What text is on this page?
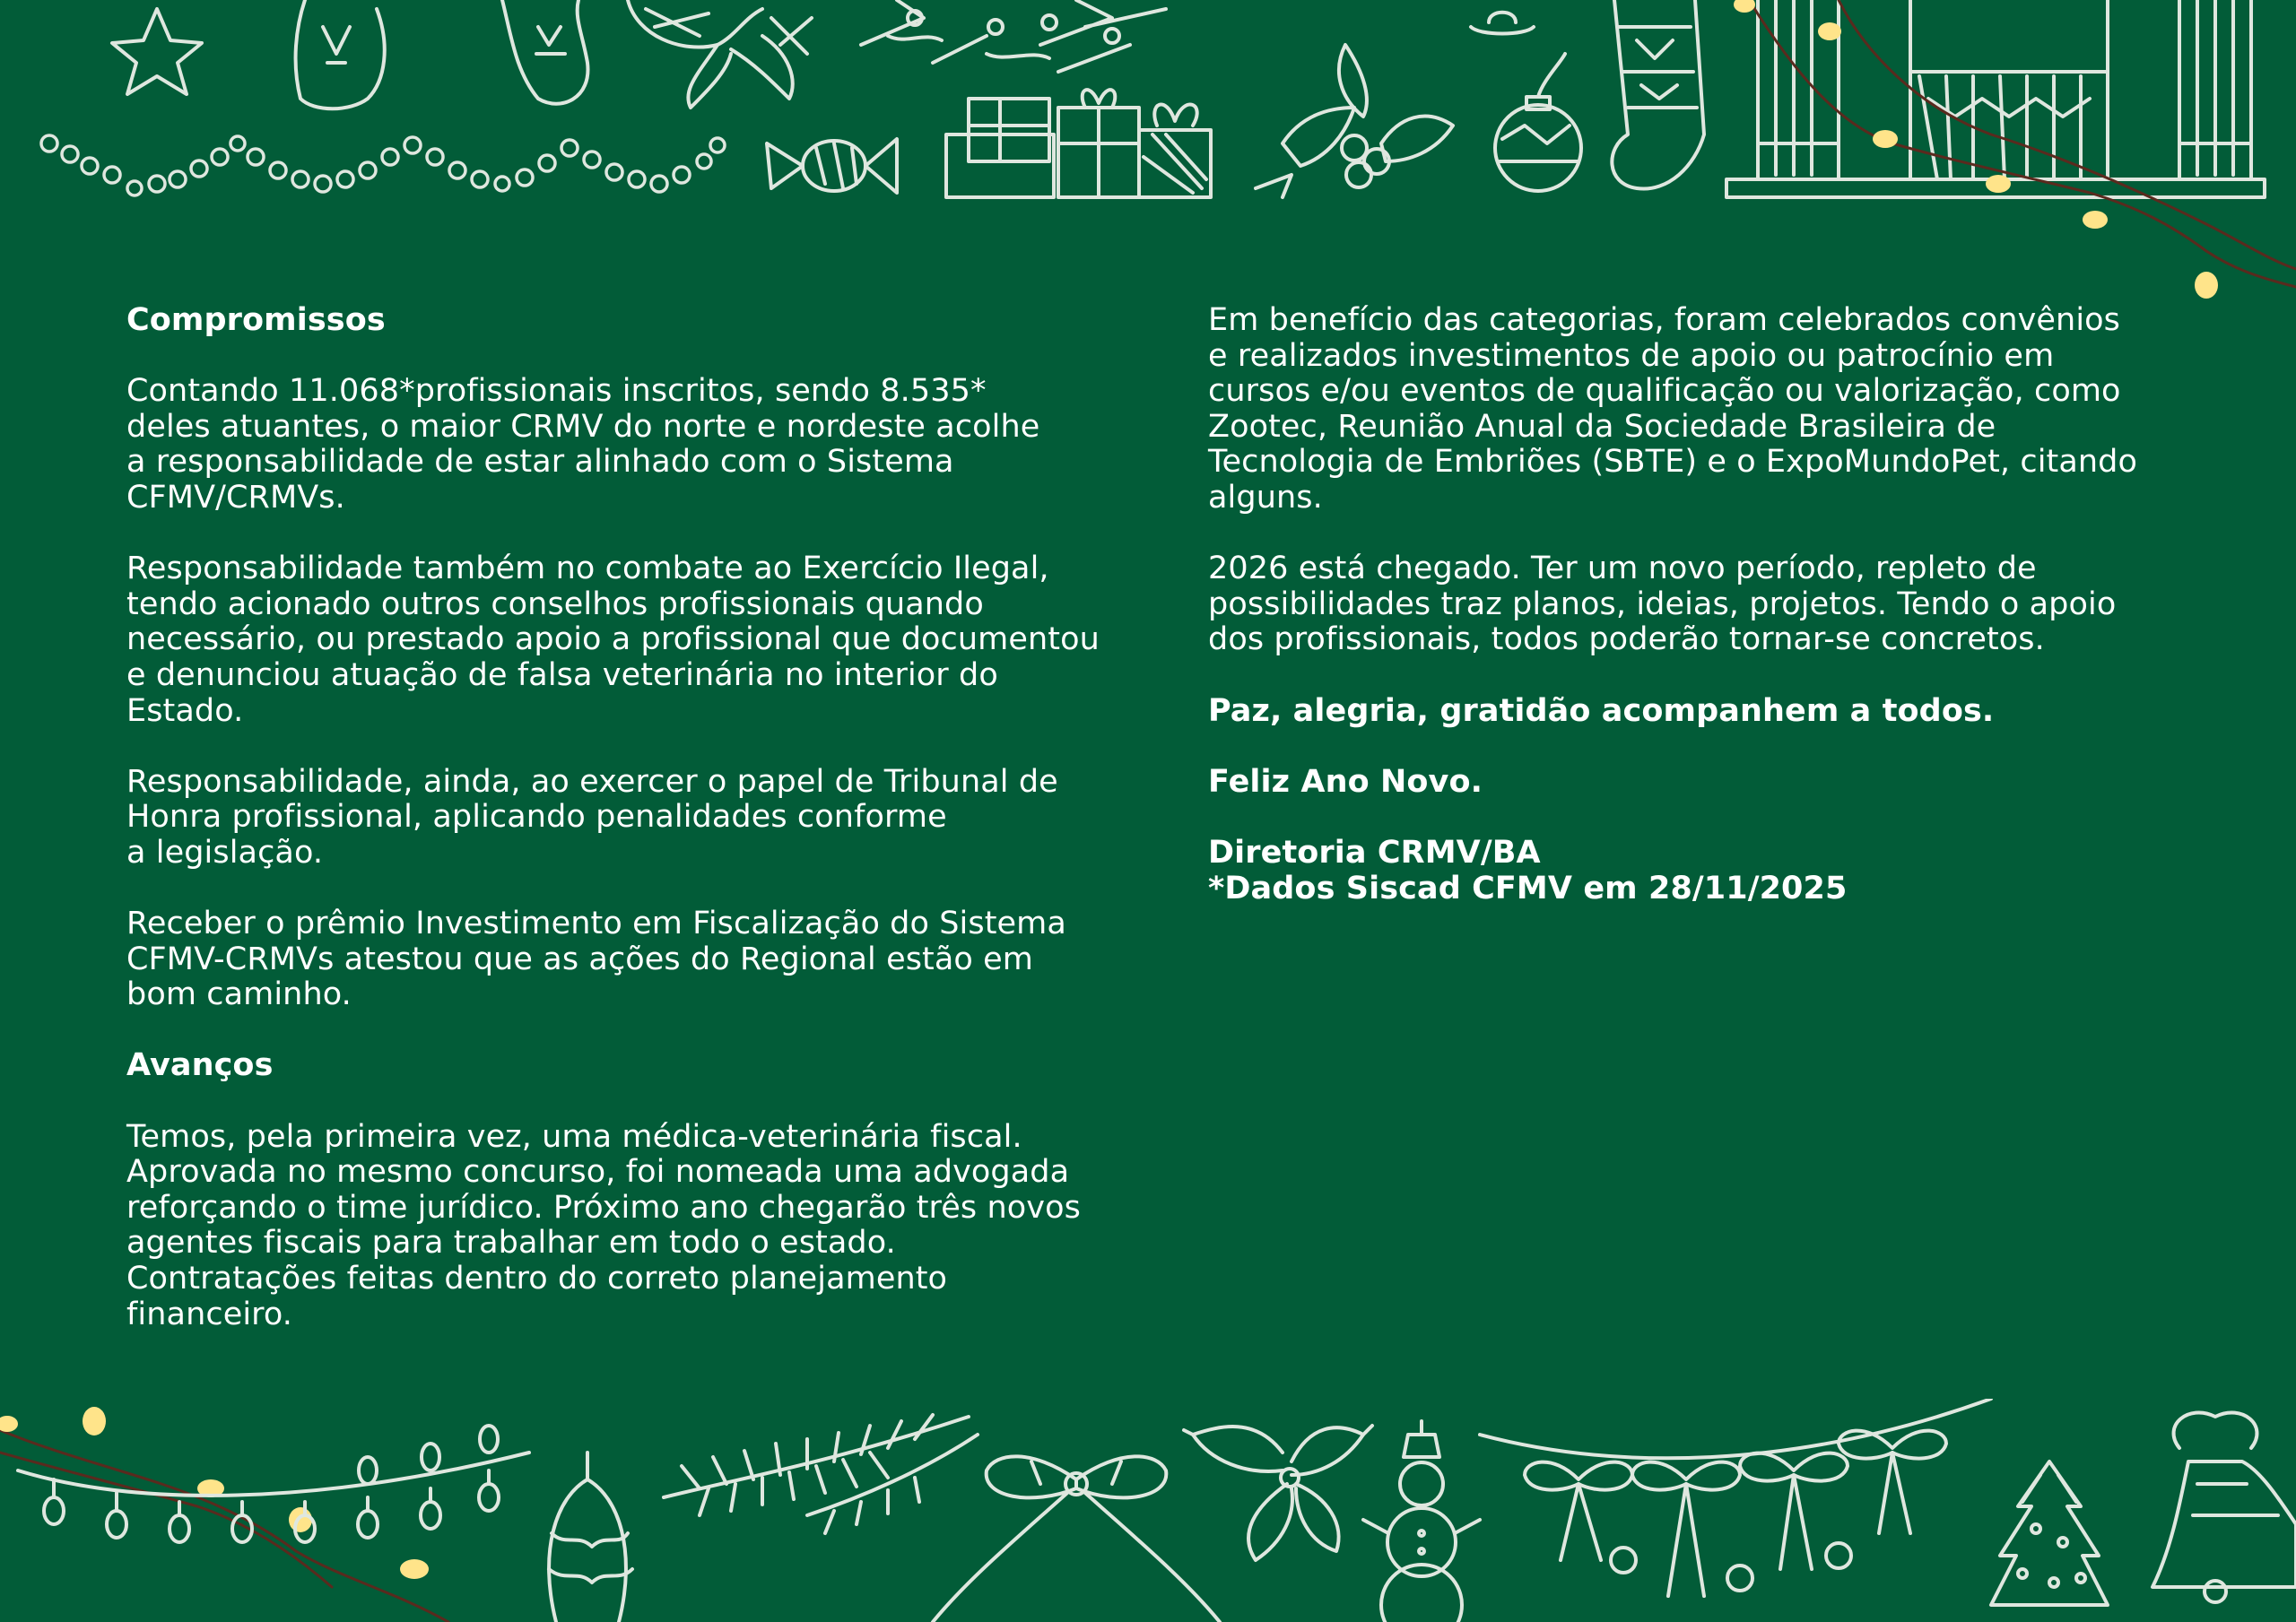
Compromissos

Contando 11.068*profissionais inscritos, sendo 8.535*
deles atuantes, o maior CRMV do norte e nordeste acolhe
a responsabilidade de estar alinhado com o Sistema
CFMV/CRMVs.

Responsabilidade também no combate ao Exercício Ilegal,
tendo acionado outros conselhos profissionais quando
necessário, ou prestado apoio a profissional que documentou
e denunciou atuação de falsa veterinária no interior do
Estado.

Responsabilidade, ainda, ao exercer o papel de Tribunal de
Honra profissional, aplicando penalidades conforme
a legislação.

Receber o prêmio Investimento em Fiscalização do Sistema
CFMV-CRMVs atestou que as ações do Regional estão em
bom caminho.

Avanços

Temos, pela primeira vez, uma médica-veterinária fiscal.
Aprovada no mesmo concurso, foi nomeada uma advogada
reforçando o time jurídico. Próximo ano chegarão três novos
agentes fiscais para trabalhar em todo o estado.
Contratações feitas dentro do correto planejamento
financeiro.

Em benefício das categorias, foram celebrados convênios
e realizados investimentos de apoio ou patrocínio em
cursos e/ou eventos de qualificação ou valorização, como
Zootec, Reunião Anual da Sociedade Brasileira de
Tecnologia de Embriões (SBTE) e o ExpoMundoPet, citando
alguns.

2026 está chegado. Ter um novo período, repleto de
possibilidades traz planos, ideias, projetos. Tendo o apoio
dos profissionais, todos poderão tornar-se concretos.

Paz, alegria, gratidão acompanhem a todos.

Feliz Ano Novo.

Diretoria CRMV/BA

*Dados Siscad CFMV em 28/11/2025
